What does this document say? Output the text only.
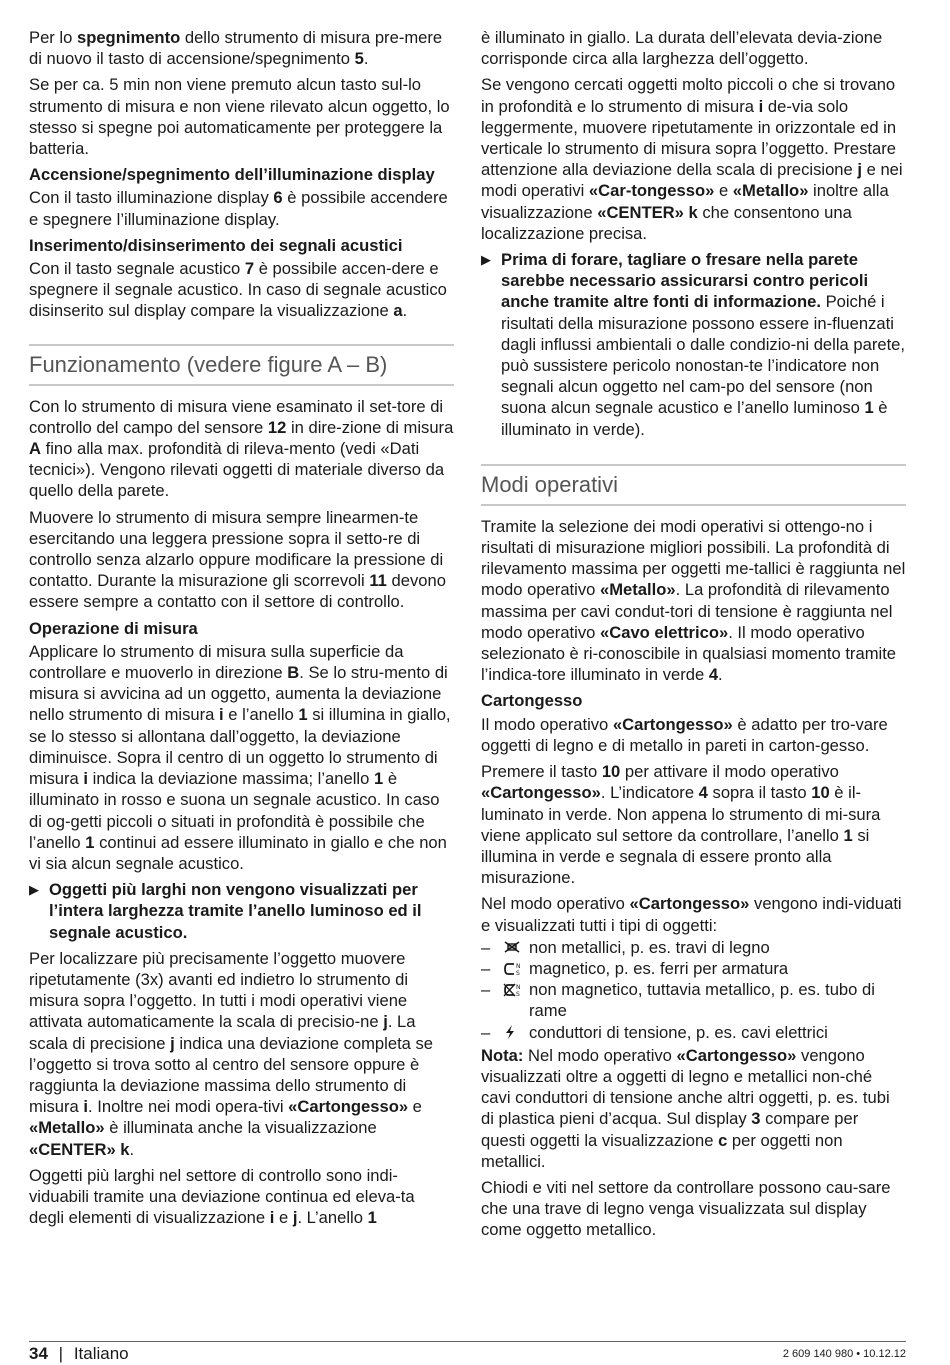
Per lo spegnimento dello strumento di misura pre-mere di nuovo il tasto di accensione/spegnimento 5.

Se per ca. 5 min non viene premuto alcun tasto sul-lo strumento di misura e non viene rilevato alcun oggetto, lo stesso si spegne poi automaticamente per proteggere la batteria.

Accensione/spegnimento dell’illuminazione display

Con il tasto illuminazione display 6 è possibile accendere e spegnere l’illuminazione display.

Inserimento/disinserimento dei segnali acustici

Con il tasto segnale acustico 7 è possibile accen-dere e spegnere il segnale acustico. In caso di segnale acustico disinserito sul display compare la visualizzazione a.

Funzionamento (vedere figure A – B)

Con lo strumento di misura viene esaminato il set-tore di controllo del campo del sensore 12 in dire-zione di misura A fino alla max. profondità di rileva-mento (vedi «Dati tecnici»). Vengono rilevati oggetti di materiale diverso da quello della parete.

Muovere lo strumento di misura sempre linearmen-te esercitando una leggera pressione sopra il setto-re di controllo senza alzarlo oppure modificare la pressione di contatto. Durante la misurazione gli scorrevoli 11 devono essere sempre a contatto con il settore di controllo.

Operazione di misura

Applicare lo strumento di misura sulla superficie da controllare e muoverlo in direzione B. Se lo stru-mento di misura si avvicina ad un oggetto, aumenta la deviazione nello strumento di misura i e l’anello 1 si illumina in giallo, se lo stesso si allontana dall’oggetto, la deviazione diminuisce. Sopra il centro di un oggetto lo strumento di misura i indica la deviazione massima; l’anello 1 è illuminato in rosso e suona un segnale acustico. In caso di og-getti piccoli o situati in profondità è possibile che l’anello 1 continui ad essere illuminato in giallo e che non vi sia alcun segnale acustico.

▶ Oggetti più larghi non vengono visualizzati per l’intera larghezza tramite l’anello luminoso ed il segnale acustico.

Per localizzare più precisamente l’oggetto muovere ripetutamente (3x) avanti ed indietro lo strumento di misura sopra l’oggetto. In tutti i modi operativi viene attivata automaticamente la scala di precisio-ne j. La scala di precisione j indica una deviazione completa se l’oggetto si trova sotto al centro del sensore oppure è raggiunta la deviazione massima dello strumento di misura i. Inoltre nei modi opera-tivi «Cartongesso» e «Metallo» è illuminata anche la visualizzazione «CENTER» k.

Oggetti più larghi nel settore di controllo sono indi-viduabili tramite una deviazione continua ed eleva-ta degli elementi di visualizzazione i e j. L’anello 1

è illuminato in giallo. La durata dell’elevata devia-zione corrisponde circa alla larghezza dell’oggetto.

Se vengono cercati oggetti molto piccoli o che si trovano in profondità e lo strumento di misura i de-via solo leggermente, muovere ripetutamente in orizzontale ed in verticale lo strumento di misura sopra l’oggetto. Prestare attenzione alla deviazione della scala di precisione j e nei modi operativi «Car-tongesso» e «Metallo» inoltre alla visualizzazione «CENTER» k che consentono una localizzazione precisa.

▶ Prima di forare, tagliare o fresare nella parete sarebbe necessario assicurarsi contro pericoli anche tramite altre fonti di informazione. Poiché i risultati della misurazione possono essere in-fluenzati dagli influssi ambientali o dalle condizio-ni della parete, può sussistere pericolo nonostan-te l’indicatore non segnali alcun oggetto nel cam-po del sensore (non suona alcun segnale acustico e l’anello luminoso 1 è illuminato in verde).
Modi operativi

Tramite la selezione dei modi operativi si ottengo-no i risultati di misurazione migliori possibili. La profondità di rilevamento massima per oggetti me-tallici è raggiunta nel modo operativo «Metallo». La profondità di rilevamento massima per cavi condut-tori di tensione è raggiunta nel modo operativo «Cavo elettrico». Il modo operativo selezionato è ri-conoscibile in qualsiasi momento tramite l’indica-tore illuminato in verde 4.

Cartongesso

Il modo operativo «Cartongesso» è adatto per tro-vare oggetti di legno e di metallo in pareti in carton-gesso.

Premere il tasto 10 per attivare il modo operativo «Cartongesso». L’indicatore 4 sopra il tasto 10 è il-luminato in verde. Non appena lo strumento di mi-sura viene applicato sul settore da controllare, l’anello 1 si illumina in verde e segnala di essere pronto alla misurazione.

Nel modo operativo «Cartongesso» vengono indi-viduati e visualizzati tutti i tipi di oggetti:

–	non metallici, p. es. travi di legno
–	N
S magnetico, p. es. ferri per armatura
–	N
S non magnetico, tuttavia metallico, p. es. tubo di rame
–	conduttori di tensione, p. es. cavi elettrici

Nota: Nel modo operativo «Cartongesso» vengono visualizzati oltre a oggetti di legno e metallici non-ché cavi conduttori di tensione anche altri oggetti, p. es. tubi di plastica pieni d’acqua. Sul display 3 compare per questi oggetti la visualizzazione c per oggetti non metallici.

Chiodi e viti nel settore da controllare possono cau-sare che una trave di legno venga visualizzata sul display come oggetto metallico.

34 | Italiano	2 609 140 980 • 10.12.12
